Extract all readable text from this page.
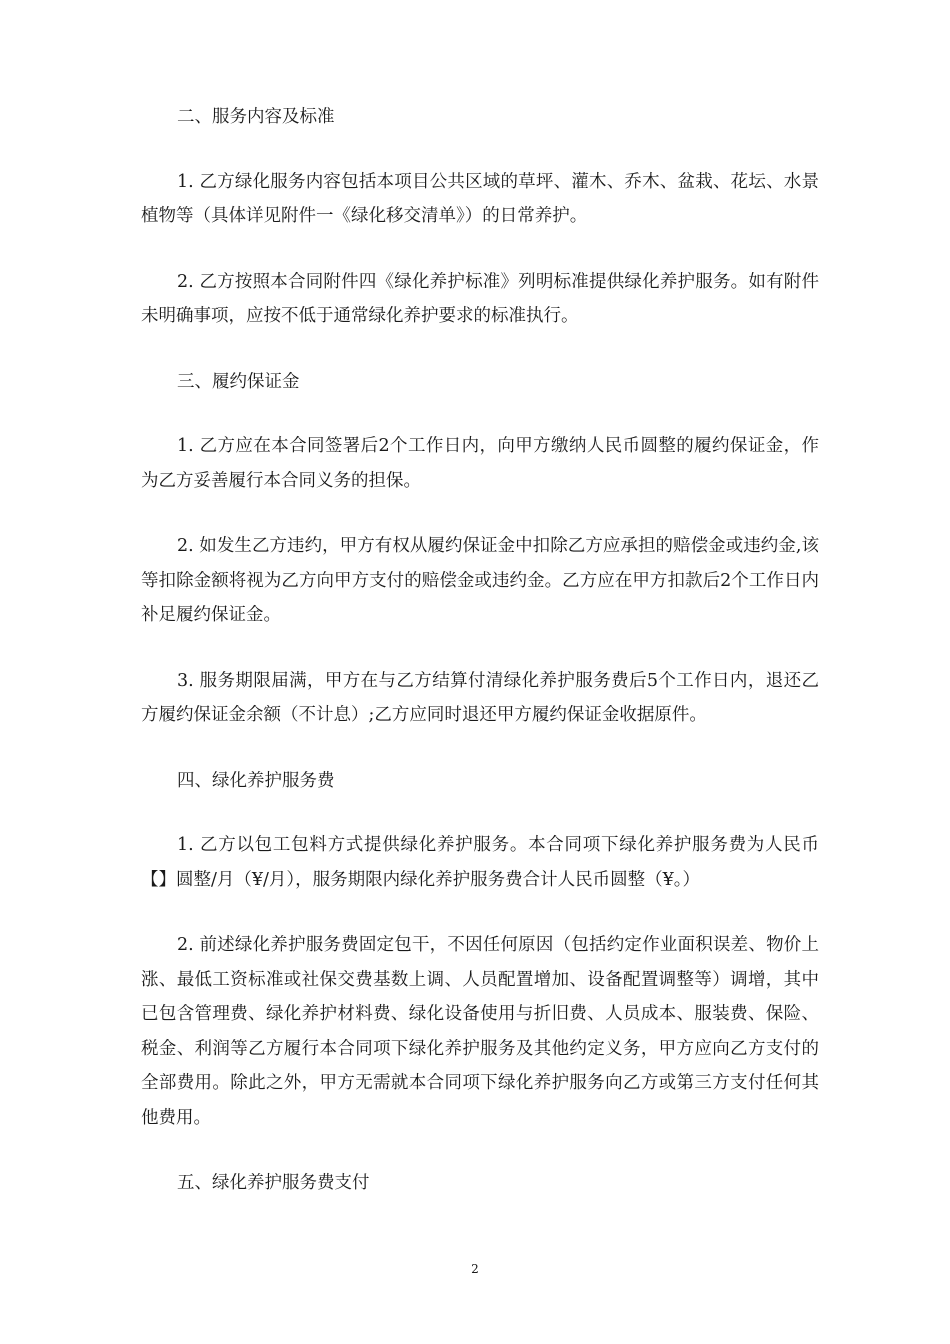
二、服务内容及标准

1. 乙方绿化服务内容包括本项目公共区域的草坪、灌木、乔木、盆栽、花坛、水景植物等（具体详见附件一《绿化移交清单》）的日常养护。

2. 乙方按照本合同附件四《绿化养护标准》列明标准提供绿化养护服务。如有附件未明确事项，应按不低于通常绿化养护要求的标准执行。

三、履约保证金

1. 乙方应在本合同签署后2个工作日内，向甲方缴纳人民币圆整的履约保证金，作为乙方妥善履行本合同义务的担保。

2. 如发生乙方违约，甲方有权从履约保证金中扣除乙方应承担的赔偿金或违约金,该等扣除金额将视为乙方向甲方支付的赔偿金或违约金。乙方应在甲方扣款后2个工作日内补足履约保证金。

3. 服务期限届满，甲方在与乙方结算付清绿化养护服务费后5个工作日内，退还乙方履约保证金余额（不计息）;乙方应同时退还甲方履约保证金收据原件。

四、绿化养护服务费

1. 乙方以包工包料方式提供绿化养护服务。本合同项下绿化养护服务费为人民币【】圆整/月（¥/月），服务期限内绿化养护服务费合计人民币圆整（¥。）

2. 前述绿化养护服务费固定包干，不因任何原因（包括约定作业面积误差、物价上涨、最低工资标准或社保交费基数上调、人员配置增加、设备配置调整等）调增，其中已包含管理费、绿化养护材料费、绿化设备使用与折旧费、人员成本、服装费、保险、税金、利润等乙方履行本合同项下绿化养护服务及其他约定义务，甲方应向乙方支付的全部费用。除此之外，甲方无需就本合同项下绿化养护服务向乙方或第三方支付任何其他费用。

五、绿化养护服务费支付

2
